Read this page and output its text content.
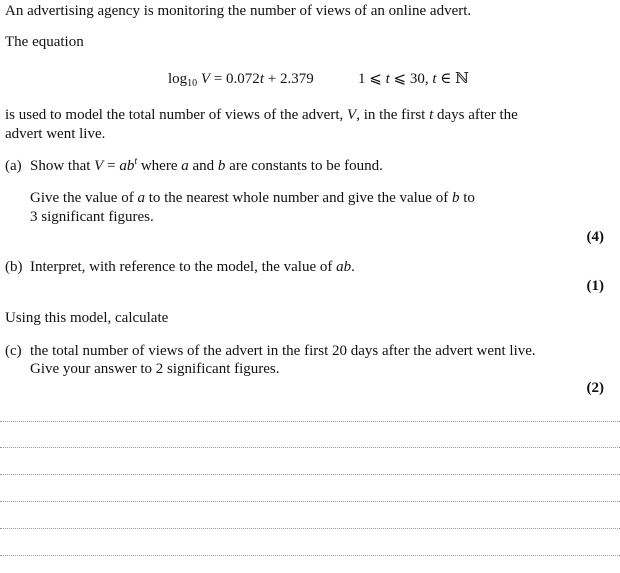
An advertising agency is monitoring the number of views of an online advert.
The equation
$\log_{10} V = 0.072t + 2.379$	1 ⩽ t ⩽ 30, t ∈ ℕ
is used to model the total number of views of the advert, V, in the first t days after the
advert went live.
(a) Show that $V = ab^t$ where a and b are constants to be found.
Give the value of a to the nearest whole number and give the value of b to
3 significant figures.
(4)
(b) Interpret, with reference to the model, the value of ab.
(1)
Using this model, calculate
(c) the total number of views of the advert in the first 20 days after the advert went live.
Give your answer to 2 significant figures.
(2)
